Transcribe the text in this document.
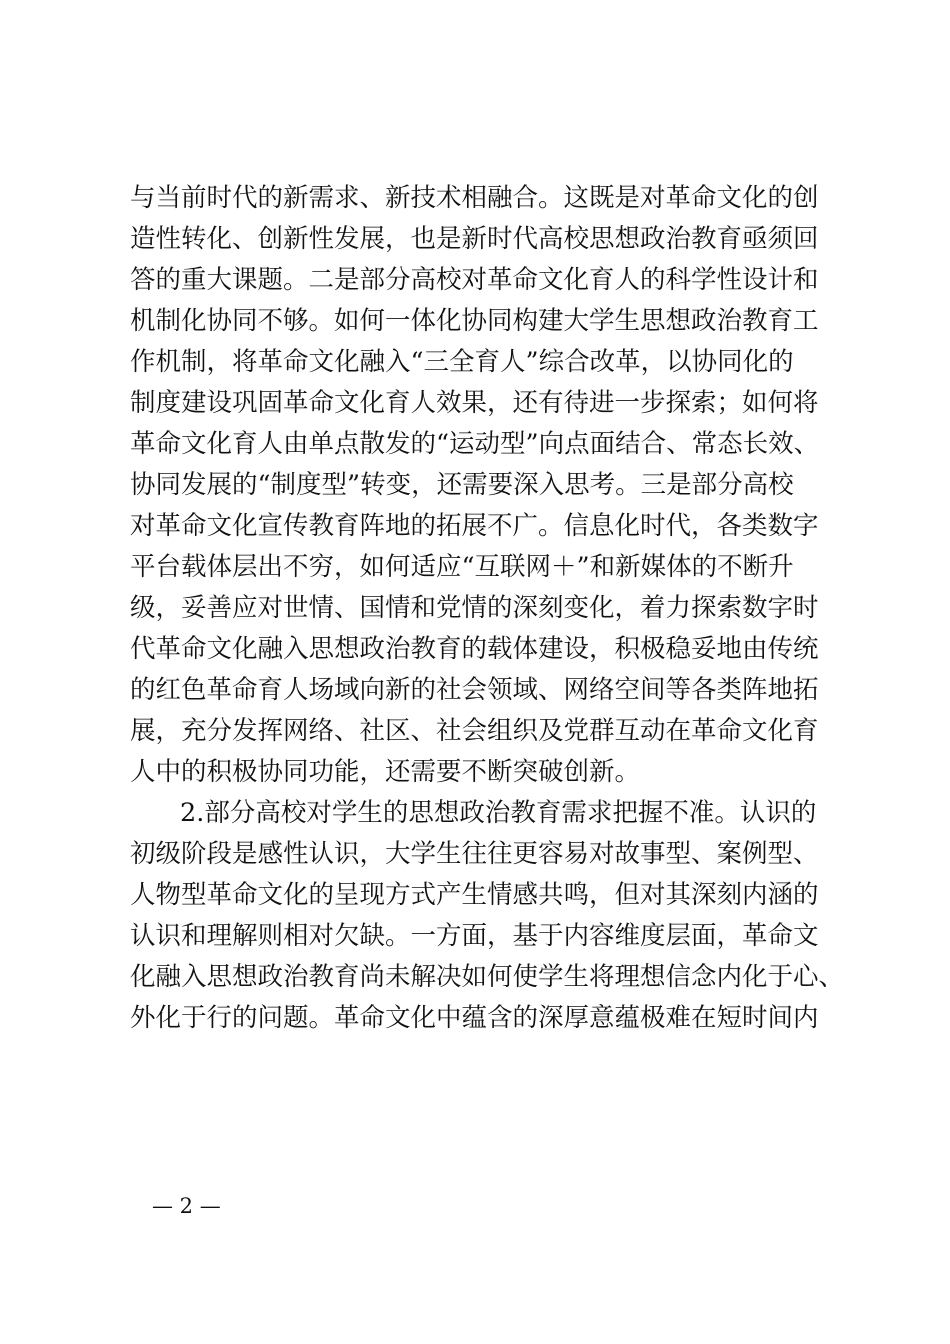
与当前时代的新需求、新技术相融合。这既是对革命文化的创
造性转化、创新性发展，也是新时代高校思想政治教育亟须回
答的重大课题。二是部分高校对革命文化育人的科学性设计和
机制化协同不够。如何一体化协同构建大学生思想政治教育工
作机制，将革命文化融入“三全育人”综合改革，以协同化的
制度建设巩固革命文化育人效果，还有待进一步探索；如何将
革命文化育人由单点散发的“运动型”向点面结合、常态长效、
协同发展的“制度型”转变，还需要深入思考。三是部分高校
对革命文化宣传教育阵地的拓展不广。信息化时代，各类数字
平台载体层出不穷，如何适应“互联网＋”和新媒体的不断升
级，妥善应对世情、国情和党情的深刻变化，着力探索数字时
代革命文化融入思想政治教育的载体建设，积极稳妥地由传统
的红色革命育人场域向新的社会领域、网络空间等各类阵地拓
展，充分发挥网络、社区、社会组织及党群互动在革命文化育
人中的积极协同功能，还需要不断突破创新。
2.部分高校对学生的思想政治教育需求把握不准。认识的
初级阶段是感性认识，大学生往往更容易对故事型、案例型、
人物型革命文化的呈现方式产生情感共鸣，但对其深刻内涵的
认识和理解则相对欠缺。一方面，基于内容维度层面，革命文
化融入思想政治教育尚未解决如何使学生将理想信念内化于心、
外化于行的问题。革命文化中蕴含的深厚意蕴极难在短时间内
— 2 —
